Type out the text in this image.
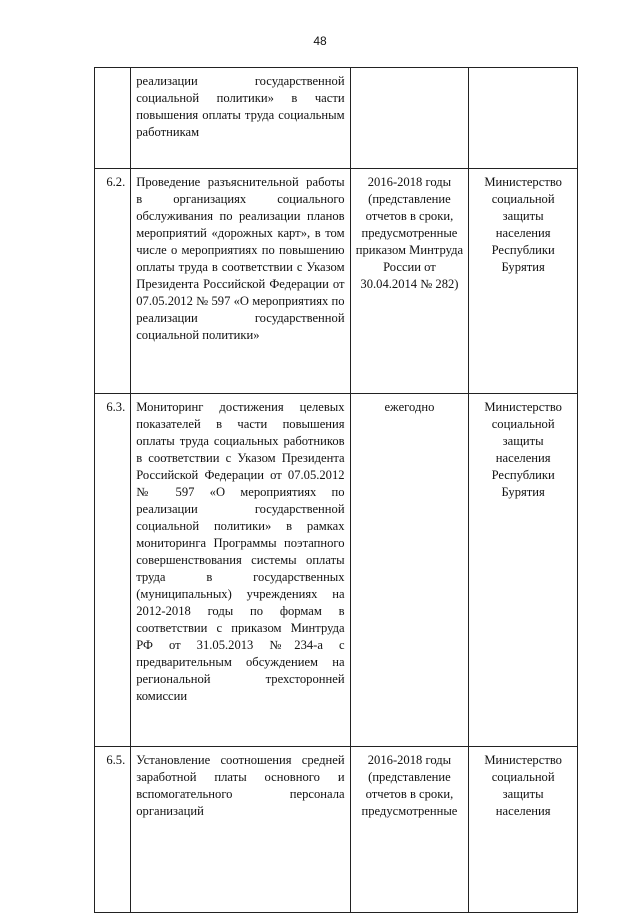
48
	реализации государственной социальной политики» в части повышения оплаты труда социальным работникам		
6.2.	Проведение разъяснительной работы в организациях социального обслуживания по реализации планов мероприятий «дорожных карт», в том числе о мероприятиях по повышению оплаты труда в соответствии с Указом Президента Российской Федерации от 07.05.2012 № 597 «О мероприятиях по реализации государственной социальной политики»	2016-2018 годы (представление отчетов в сроки, предусмотренные приказом Минтруда России от 30.04.2014 № 282)	Министерство социальной защиты населения Республики Бурятия
6.3.	Мониторинг достижения целевых показателей в части повышения оплаты труда социальных работников в соответствии с Указом Президента Российской Федерации от 07.05.2012 № 597 «О мероприятиях по реализации государственной социальной политики» в рамках мониторинга Программы поэтапного совершенствования системы оплаты труда в государственных (муниципальных) учреждениях на 2012-2018 годы по формам в соответствии с приказом Минтруда РФ от 31.05.2013 №234-а с предварительным обсуждением на региональной трехсторонней комиссии	ежегодно	Министерство социальной защиты населения Республики Бурятия
6.5.	Установление соотношения средней заработной платы основного и вспомогательного персонала организаций	2016-2018 годы (представление отчетов в сроки, предусмотренные	Министерство социальной защиты населения
